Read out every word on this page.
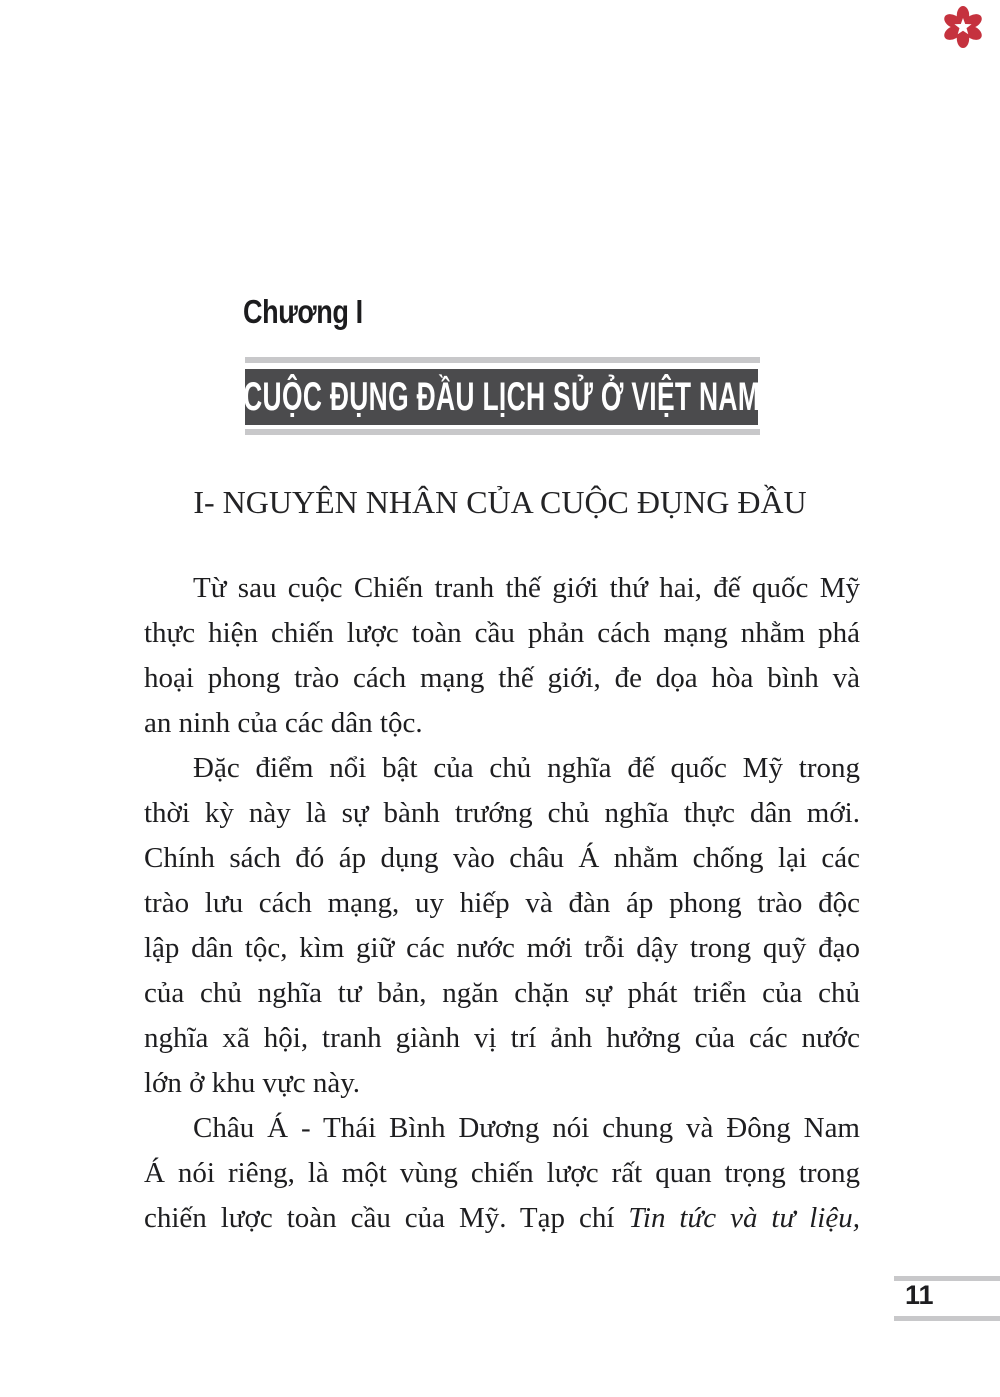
Chương I
CUỘC ĐỤNG ĐẦU LỊCH SỬ Ở VIỆT NAM
I- NGUYÊN NHÂN CỦA CUỘC ĐỤNG ĐẦU
Từ sau cuộc Chiến tranh thế giới thứ hai, đế quốc Mỹ
thực hiện chiến lược toàn cầu phản cách mạng nhằm phá
hoại phong trào cách mạng thế giới, đe dọa hòa bình và
an ninh của các dân tộc.
Đặc điểm nổi bật của chủ nghĩa đế quốc Mỹ trong
thời kỳ này là sự bành trướng chủ nghĩa thực dân mới.
Chính sách đó áp dụng vào châu Á nhằm chống lại các
trào lưu cách mạng, uy hiếp và đàn áp phong trào độc
lập dân tộc, kìm giữ các nước mới trỗi dậy trong quỹ đạo
của chủ nghĩa tư bản, ngăn chặn sự phát triển của chủ
nghĩa xã hội, tranh giành vị trí ảnh hưởng của các nước
lớn ở khu vực này.
Châu Á - Thái Bình Dương nói chung và Đông Nam
Á nói riêng, là một vùng chiến lược rất quan trọng trong
chiến lược toàn cầu của Mỹ. Tạp chí Tin tức và tư liệu,
11
